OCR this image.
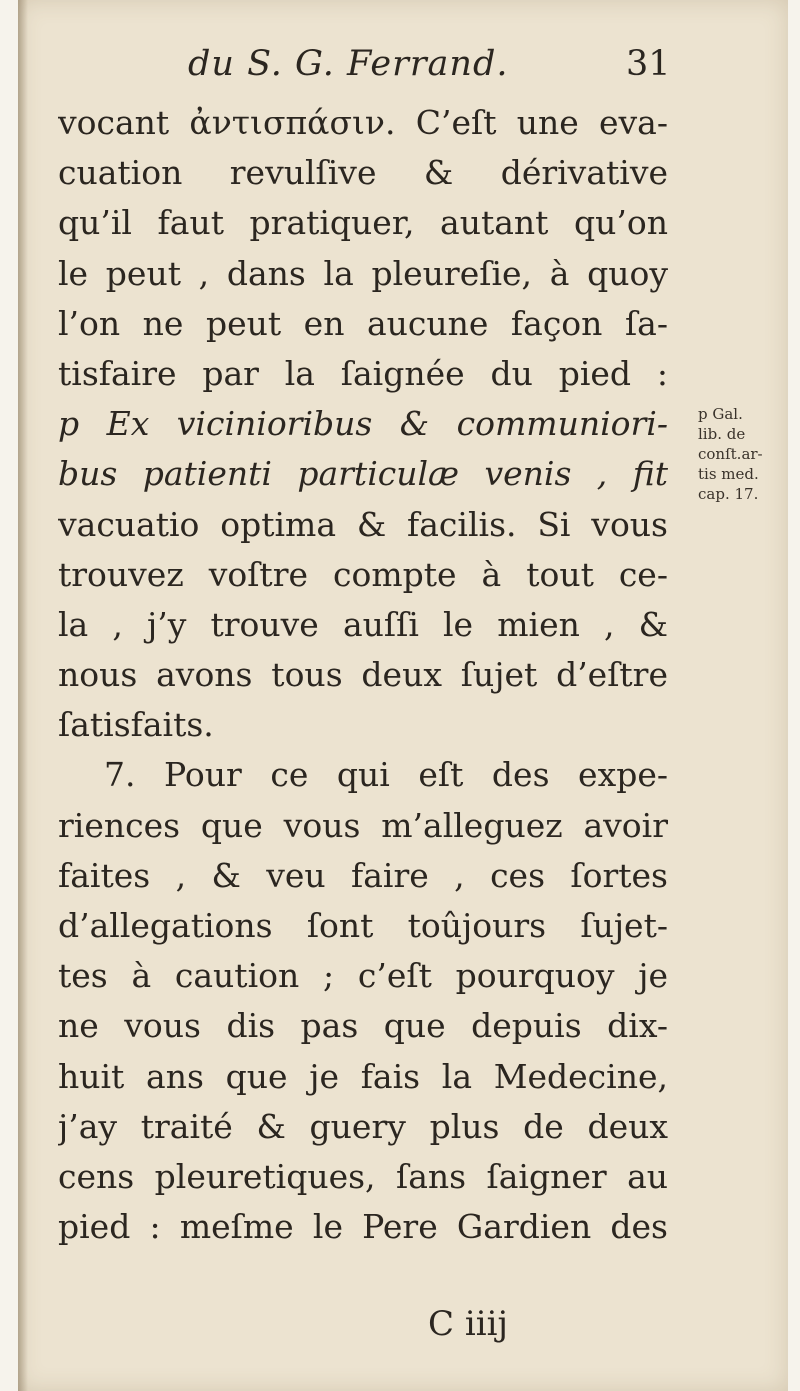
du S. G. Ferrand.	31
vocant ἀντισπάσιν. C’eſt une eva-
cuation revulſive & dérivative
qu’il faut pratiquer, autant qu’on
le peut , dans la pleureſie, à quoy
l’on ne peut en aucune façon ſa-
tisfaire par la ſaignée du pied :
p Ex vicinioribus & communiori-
bus patienti particulæ venis , fit
vacuatio optima & facilis. Si vous
trouvez voſtre compte à tout ce-
la , j’y trouve auſſi le mien , &
nous avons tous deux ſujet d’eſtre
ſatisfaits.
7. Pour ce qui eſt des expe-
riences que vous m’alleguez avoir
faites , & veu faire , ces ſortes
d’allegations ſont toûjours ſujet-
tes à caution ; c’eſt pourquoy je
ne vous dis pas que depuis dix-
huit ans que je fais la Medecine,
j’ay traité & guery plus de deux
cens pleuretiques, ſans ſaigner au
pied : meſme le Pere Gardien des
p Gal.
lib. de
conſt.ar-
tis med.
cap. 17.
C iiij
